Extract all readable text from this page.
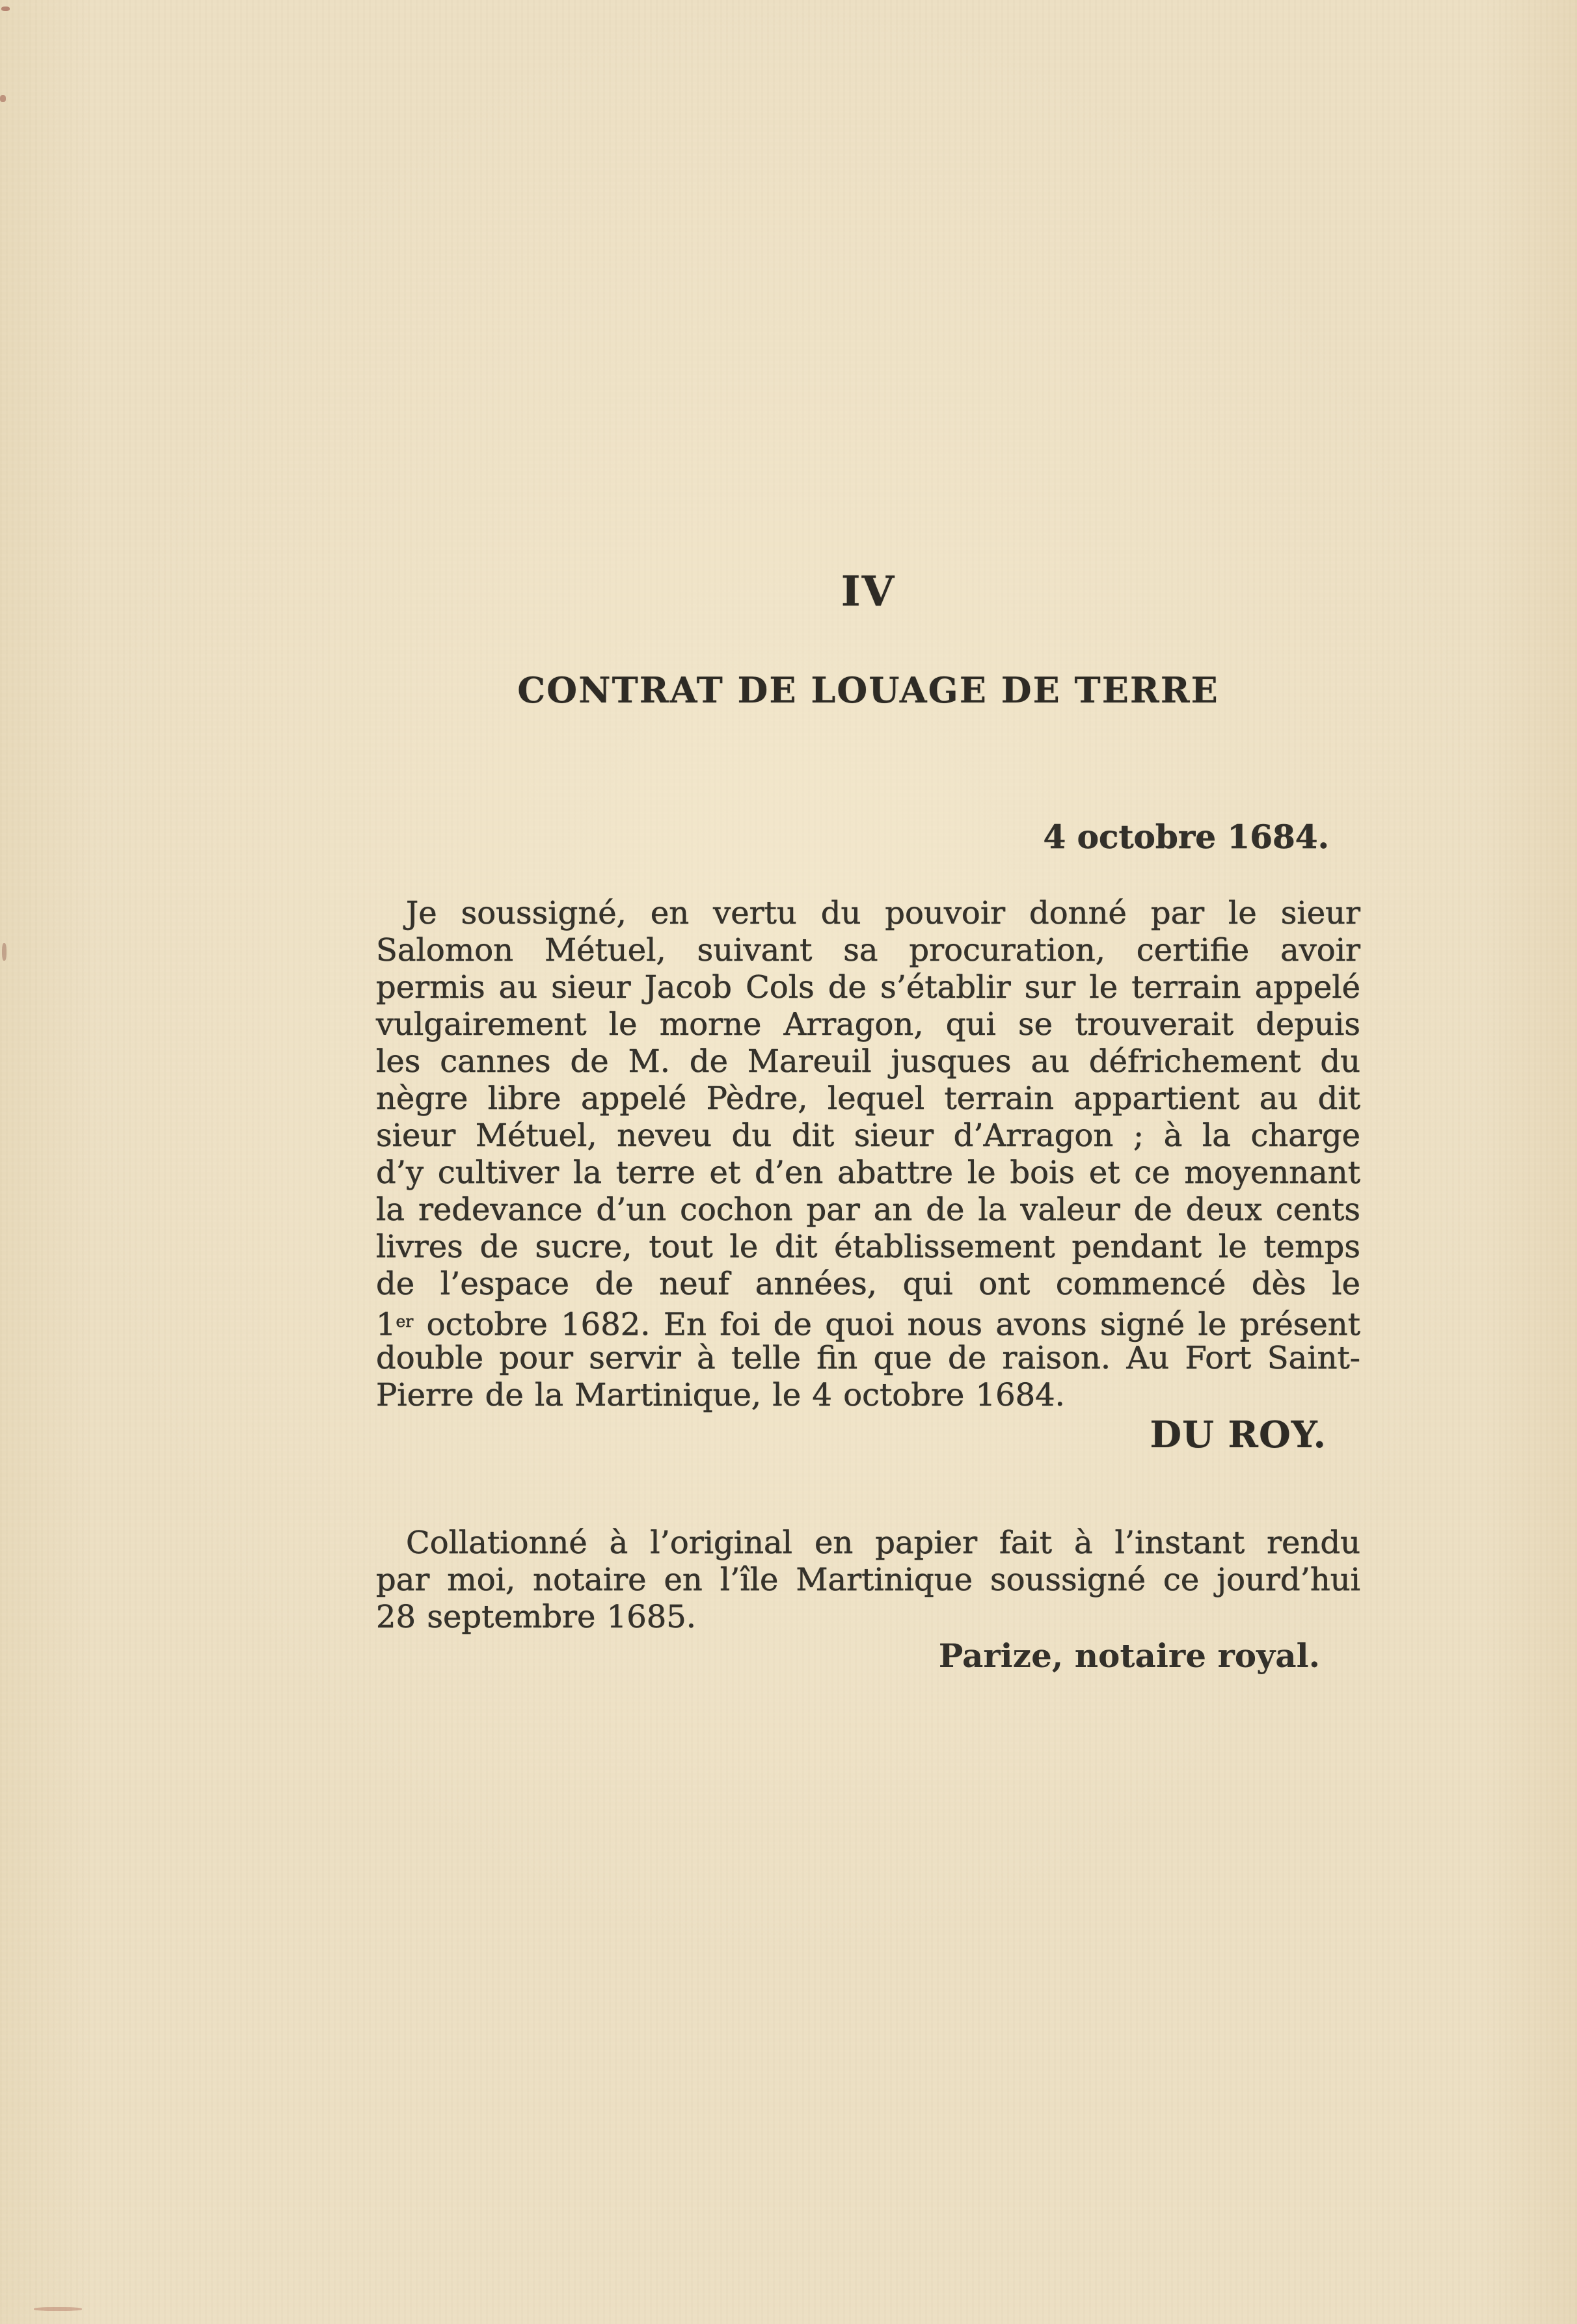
IV
CONTRAT DE LOUAGE DE TERRE
4 octobre 1684.
Je soussigné, en vertu du pouvoir donné par le sieur
Salomon Métuel, suivant sa procuration, certifie avoir
permis au sieur Jacob Cols de s’établir sur le terrain appelé
vulgairement le morne Arragon, qui se trouverait depuis
les cannes de M. de Mareuil jusques au défrichement du
nègre libre appelé Pèdre, lequel terrain appartient au dit
sieur Métuel, neveu du dit sieur d’Arragon ; à la charge
d’y cultiver la terre et d’en abattre le bois et ce moyennant
la redevance d’un cochon par an de la valeur de deux cents
livres de sucre, tout le dit établissement pendant le temps
de l’espace de neuf années, qui ont commencé dès le
1er octobre 1682. En foi de quoi nous avons signé le présent
double pour servir à telle fin que de raison. Au Fort Saint-
Pierre de la Martinique, le 4 octobre 1684.
DU ROY.
Collationné à l’original en papier fait à l’instant rendu
par moi, notaire en l’île Martinique soussigné ce jourd’hui
28 septembre 1685.
Parize, notaire royal.
